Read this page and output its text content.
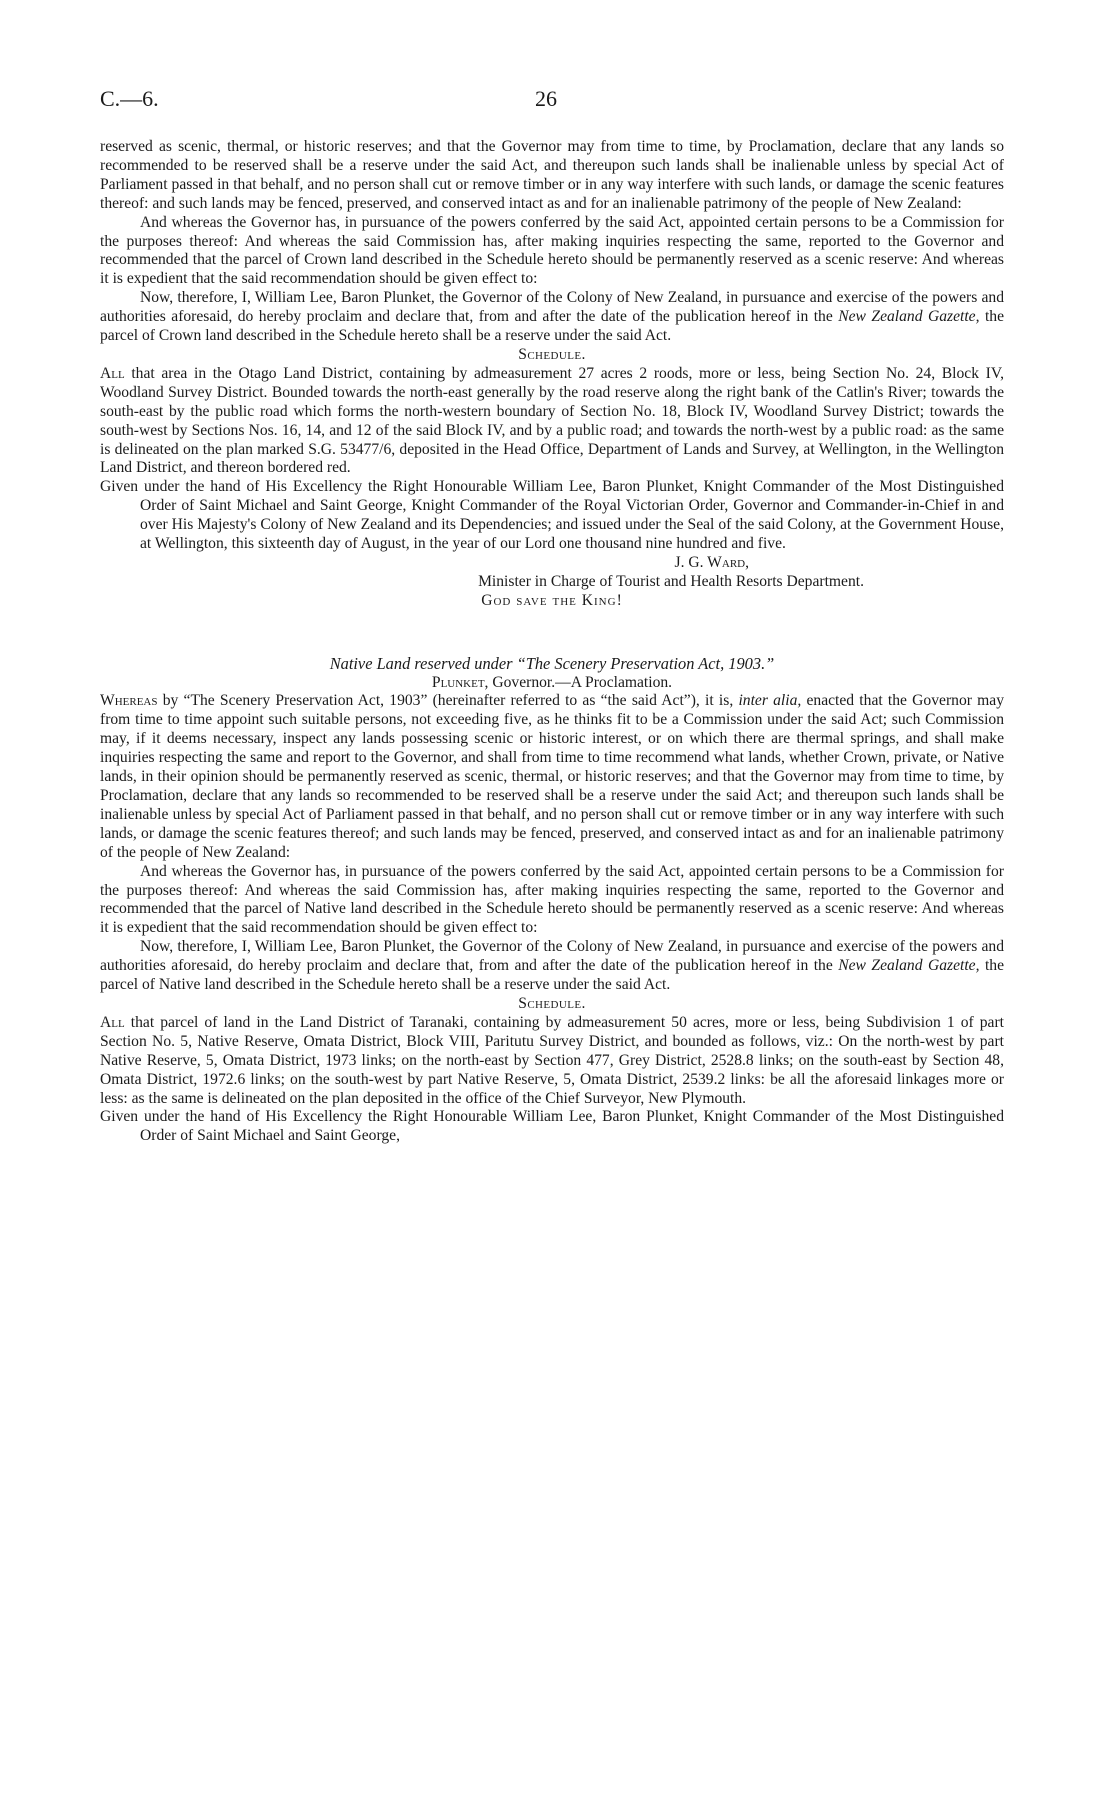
C.—6.	26

reserved as scenic, thermal, or historic reserves; and that the Governor may from time to time, by Proclamation, declare that any lands so recommended to be reserved shall be a reserve under the said Act, and thereupon such lands shall be inalienable unless by special Act of Parliament passed in that behalf, and no person shall cut or remove timber or in any way interfere with such lands, or damage the scenic features thereof: and such lands may be fenced, preserved, and conserved intact as and for an inalienable patrimony of the people of New Zealand:

And whereas the Governor has, in pursuance of the powers conferred by the said Act, appointed certain persons to be a Commission for the purposes thereof: And whereas the said Commission has, after making inquiries respecting the same, reported to the Governor and recommended that the parcel of Crown land described in the Schedule hereto should be permanently reserved as a scenic reserve: And whereas it is expedient that the said recommendation should be given effect to:

Now, therefore, I, William Lee, Baron Plunket, the Governor of the Colony of New Zealand, in pursuance and exercise of the powers and authorities aforesaid, do hereby proclaim and declare that, from and after the date of the publication hereof in the New Zealand Gazette, the parcel of Crown land described in the Schedule hereto shall be a reserve under the said Act.

Schedule.

All that area in the Otago Land District, containing by admeasurement 27 acres 2 roods, more or less, being Section No. 24, Block IV, Woodland Survey District. Bounded towards the north-east generally by the road reserve along the right bank of the Catlin's River; towards the south-east by the public road which forms the north-western boundary of Section No. 18, Block IV, Woodland Survey District; towards the south-west by Sections Nos. 16, 14, and 12 of the said Block IV, and by a public road; and towards the north-west by a public road: as the same is delineated on the plan marked S.G. 53477/6, deposited in the Head Office, Department of Lands and Survey, at Wellington, in the Wellington Land District, and thereon bordered red.

Given under the hand of His Excellency the Right Honourable William Lee, Baron Plunket, Knight Commander of the Most Distinguished Order of Saint Michael and Saint George, Knight Commander of the Royal Victorian Order, Governor and Commander-in-Chief in and over His Majesty's Colony of New Zealand and its Dependencies; and issued under the Seal of the said Colony, at the Government House, at Wellington, this sixteenth day of August, in the year of our Lord one thousand nine hundred and five.

J. G. Ward,

Minister in Charge of Tourist and Health Resorts Department.

God save the King!

Native Land reserved under “The Scenery Preservation Act, 1903.”

Plunket, Governor.—A Proclamation.

Whereas by “The Scenery Preservation Act, 1903” (hereinafter referred to as “the said Act”), it is, inter alia, enacted that the Governor may from time to time appoint such suitable persons, not exceeding five, as he thinks fit to be a Commission under the said Act; such Commission may, if it deems necessary, inspect any lands possessing scenic or historic interest, or on which there are thermal springs, and shall make inquiries respecting the same and report to the Governor, and shall from time to time recommend what lands, whether Crown, private, or Native lands, in their opinion should be permanently reserved as scenic, thermal, or historic reserves; and that the Governor may from time to time, by Proclamation, declare that any lands so recommended to be reserved shall be a reserve under the said Act; and thereupon such lands shall be inalienable unless by special Act of Parliament passed in that behalf, and no person shall cut or remove timber or in any way interfere with such lands, or damage the scenic features thereof; and such lands may be fenced, preserved, and conserved intact as and for an inalienable patrimony of the people of New Zealand:

And whereas the Governor has, in pursuance of the powers conferred by the said Act, appointed certain persons to be a Commission for the purposes thereof: And whereas the said Commission has, after making inquiries respecting the same, reported to the Governor and recommended that the parcel of Native land described in the Schedule hereto should be permanently reserved as a scenic reserve: And whereas it is expedient that the said recommendation should be given effect to:

Now, therefore, I, William Lee, Baron Plunket, the Governor of the Colony of New Zealand, in pursuance and exercise of the powers and authorities aforesaid, do hereby proclaim and declare that, from and after the date of the publication hereof in the New Zealand Gazette, the parcel of Native land described in the Schedule hereto shall be a reserve under the said Act.

Schedule.

All that parcel of land in the Land District of Taranaki, containing by admeasurement 50 acres, more or less, being Subdivision 1 of part Section No. 5, Native Reserve, Omata District, Block VIII, Paritutu Survey District, and bounded as follows, viz.: On the north-west by part Native Reserve, 5, Omata District, 1973 links; on the north-east by Section 477, Grey District, 2528.8 links; on the south-east by Section 48, Omata District, 1972.6 links; on the south-west by part Native Reserve, 5, Omata District, 2539.2 links: be all the aforesaid linkages more or less: as the same is delineated on the plan deposited in the office of the Chief Surveyor, New Plymouth.

Given under the hand of His Excellency the Right Honourable William Lee, Baron Plunket, Knight Commander of the Most Distinguished Order of Saint Michael and Saint George,
